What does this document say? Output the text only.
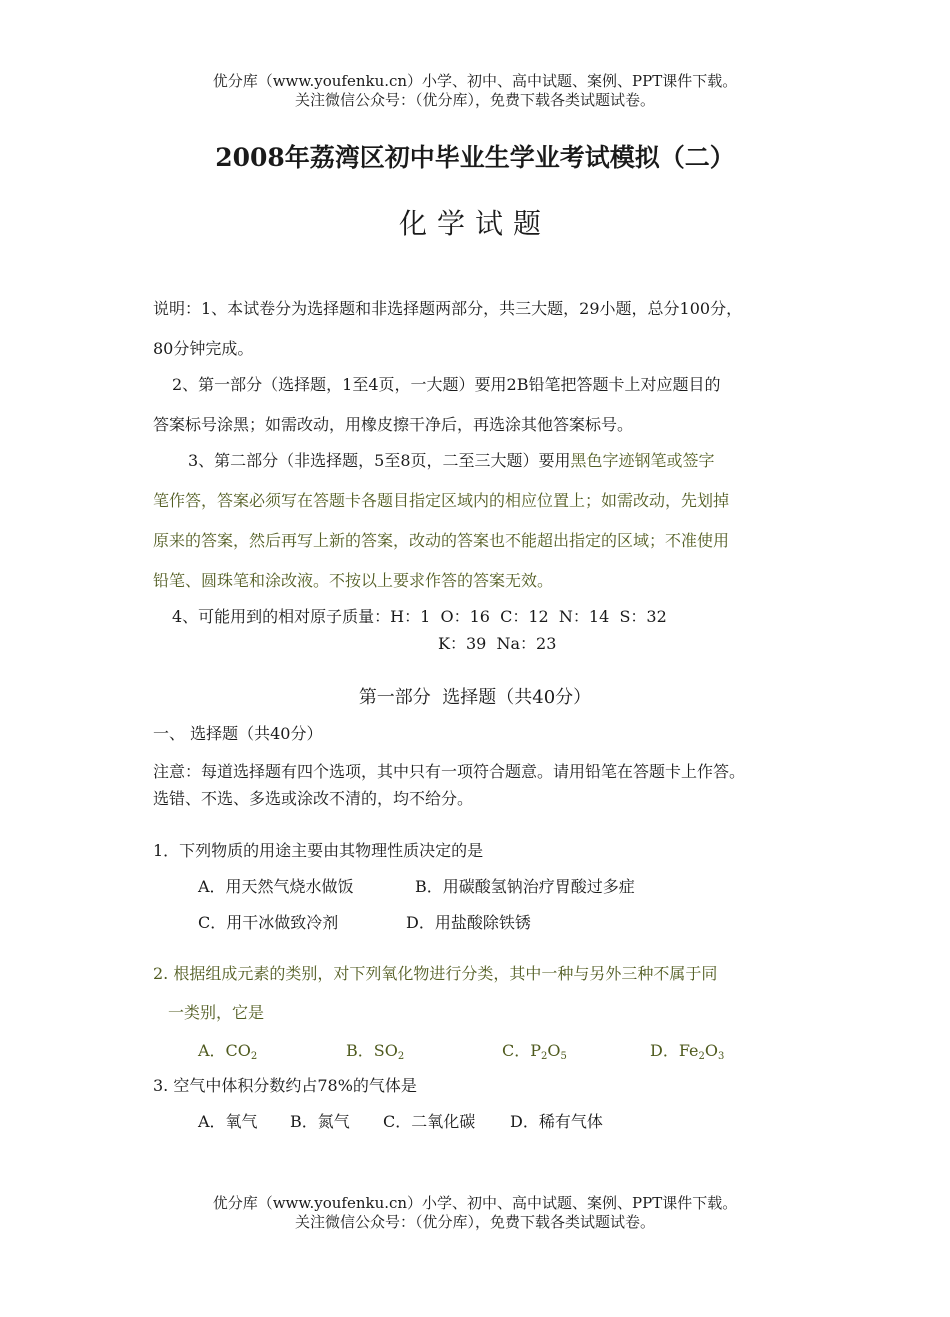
优分库（www.youfenku.cn）小学、初中、高中试题、案例、PPT课件下载。
关注微信公众号：（优分库），免费下载各类试题试卷。
2008年荔湾区初中毕业生学业考试模拟（二）
化学试题
说明：1、本试卷分为选择题和非选择题两部分，共三大题，29小题，总分100分，
80分钟完成。
2、第一部分（选择题，1至4页，一大题）要用2B铅笔把答题卡上对应题目的
答案标号涂黑；如需改动，用橡皮擦干净后，再选涂其他答案标号。
3、第二部分（非选择题，5至8页，二至三大题）要用黑色字迹钢笔或签字
笔作答，答案必须写在答题卡各题目指定区域内的相应位置上；如需改动，先划掉
原来的答案，然后再写上新的答案，改动的答案也不能超出指定的区域；不准使用
铅笔、圆珠笔和涂改液。不按以上要求作答的答案无效。
4、可能用到的相对原子质量：H：1  O：16  C：12  N：14  S：32
K：39  Na：23
第一部分  选择题（共40分）
一、 选择题（共40分）
注意：每道选择题有四个选项，其中只有一项符合题意。请用铅笔在答题卡上作答。
选错、不选、多选或涂改不清的，均不给分。
1．下列物质的用途主要由其物理性质决定的是
A．用天然气烧水做饭	B．用碳酸氢钠治疗胃酸过多症
C．用干冰做致冷剂	D．用盐酸除铁锈
2. 根据组成元素的类别，对下列氧化物进行分类，其中一种与另外三种不属于同
一类别，它是
A．$CO_2$	B．$SO_2$	C．$P_2O_5$	D．$Fe_2O_3$
3. 空气中体积分数约占78%的气体是
A．氧气 B．氮气 C．二氧化碳 D．稀有气体
优分库（www.youfenku.cn）小学、初中、高中试题、案例、PPT课件下载。
关注微信公众号：（优分库），免费下载各类试题试卷。
